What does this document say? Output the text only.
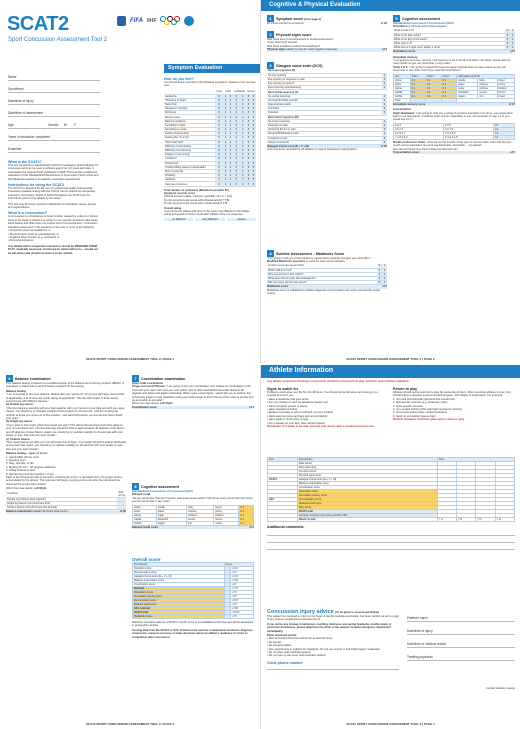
SCAT2
Sport Concussion Assessment Tool 2
FIFA IIHF
Name
Sport/team
Date/time of injury
Date/time of assessment
Age	Gender M F
Years of education completed
Examiner
What is the SCAT2?
This tool represents a standardized method of evaluating injured athletes for concussion and can be used in athletes aged from 10 years and older. It supersedes the original SCAT published in 2005. This tool also enables the calculation of the Standardized Assessment of Concussion (SAC) score and the Maddocks questions for sideline concussion assessment.
Instructions for using the SCAT2
The SCAT2 is designed for the use of medical and health professionals. Preseason baseline testing with the SCAT2 can be helpful for interpreting post-injury test scores. Words in Italics throughout the SCAT2 are the instructions given to the athlete by the tester.
This tool may be freely copied for distribution to individuals, teams, groups and organizations.
What is a concussion?
A concussion is a disturbance in brain function caused by a direct or indirect force to the head. It results in a variety of non-specific symptoms (like those listed below) and often does not involve loss of consciousness. Concussion should be suspected in the presence of any one or more of the following:
• Symptoms (such as headache), or
• Physical signs (such as unsteadiness), or
• Impaired brain function (e.g. confusion) or
• Abnormal behaviour.
Any athlete with a suspected concussion should be REMOVED FROM PLAY, medically assessed, monitored for deterioration (i.e., should not be left alone) and should not drive a motor vehicle.
Symptom Evaluation
How do you feel?
You should score yourself on the following symptoms, based on how you feel now.
	none	mild		moderate		severe	
Headache	0	1	2	3	4	5	6
"Pressure in head"	0	1	2	3	4	5	6
Neck Pain	0	1	2	3	4	5	6
Nausea or vomiting	0	1	2	3	4	5	6
Dizziness	0	1	2	3	4	5	6
Blurred vision	0	1	2	3	4	5	6
Balance problems	0	1	2	3	4	5	6
Sensitivity to light	0	1	2	3	4	5	6
Sensitivity to noise	0	1	2	3	4	5	6
Feeling slowed down	0	1	2	3	4	5	6
Feeling like "in a fog"	0	1	2	3	4	5	6
"Don't feel right"	0	1	2	3	4	5	6
Difficulty concentrating	0	1	2	3	4	5	6
Difficulty remembering	0	1	2	3	4	5	6
Fatigue or low energy	0	1	2	3	4	5	6
Confusion	0	1	2	3	4	5	6
Drowsiness	0	1	2	3	4	5	6
Trouble falling asleep (if applicable)	0	1	2	3	4	5	6
More emotional	0	1	2	3	4	5	6
Irritability	0	1	2	3	4	5	6
Sadness	0	1	2	3	4	5	6
Nervous or Anxious	0	1	2	3	4	5	6
Total number of symptoms (Maximum possible 22)
Symptom severity score
(Add all scores in table, maximum possible: 22 x 6 = 132)
Do the symptoms get worse with physical activity? Y N
Do the symptoms get worse with mental activity? Y N
Overall rating
If you know the athlete well prior to the injury, how different is the athlete acting compared to his/her usual self? Please circle one response.
no different	very different	unsure
SCAT2 SPORT CONCUSSION ASSESSMENT TOOL 2 | PAGE 1
Cognitive & Physical Evaluation
1 Symptom score (from page 1)
22 minus number of symptoms	of 22
2 Physical signs score
Was there loss of consciousness or unresponsiveness?
If yes, how long? minutes
Was there a balance problem/unsteadiness?
Physical signs score (1 point for each negative response)	of 2
3 Glasgow coma scale (GCS)
Best eye response (E)	
No eye opening	1
Eye opening in response to pain	2
Eye opening to speech	3
Eyes opening spontaneously	4
Best verbal response (V)	
No verbal response	1
Incomprehensible sounds	2
Inappropriate words	3
Confused	4
Oriented	5
Best motor response (M)	
No motor response	1
Extension to pain	2
Abnormal flexion to pain	3
Flexion/Withdrawal to pain	4
Localizes to pain	5
Obeys commands	6
Glasgow Coma score (E + V + M)	of 15
GCS should be recorded for all athletes in case of subsequent deterioration.
4 Sideline Assessment – Maddocks Score
"I am going to ask you a few questions, please listen carefully and give your best effort."
Modified Maddocks questions (1 point for each correct answer)
At what venue are we at today?	0	1
Which half is it now?	0	1
Who scored last in this match?	0	1
What team did you play last week/game?	0	1
Did your team win the last game?	0	1
Maddocks score	of 5
Maddocks score is validated for sideline diagnosis of concussion only and is not used for serial testing.
5 Cognitive assessment
Standardized Assessment of Concussion (SAC)
Orientation (1 point for each correct answer)
What month is it?	0	1
What is the date today?	0	1
What is the day of the week?	0	1
What year is it?	0	1
What time is it right now? (within 1 hour)	0	1
Orientation score	of 5
Immediate memory
"I am going to test your memory. I will read you a list of words and when I am done, repeat back as many words as you can remember, in any order."
Trials 2 & 3: "I am going to repeat the same list again. Repeat back as many words as you can remember in any order, even if you said the word before."
List	Trial 1	Trial 2	Trial 3	Alternative word list		
elbow	0 1	0 1	0 1	candle	baby	finger
apple	0 1	0 1	0 1	paper	monkey	penny
carpet	0 1	0 1	0 1	sugar	perfume	blanket
saddle	0 1	0 1	0 1	sandwich	sunset	lemon
bubble	0 1	0 1	0 1	wagon	iron	insect
Total						
Immediate memory score	of 15
Concentration
Digits Backward: "I am going to read you a string of numbers and when I am done, you repeat them back to me backwards, in reverse order of how I read them to you. For example, if I say 7-1-9, you would say 9-1-7."
4-9-3	6-2-9	0 1
3-8-1-4	3-2-7-9	0 1
6-2-9-7-1	1-5-2-8-6	0 1
7-1-8-4-6-2	5-3-9-1-4-8	0 1
Months in Reverse Order: "Now tell me the months of the year in reverse order. Start with the last month and go backward. So you'll say December, November ... Go ahead"
Dec-Nov-Oct-Sept-Aug-Jul-Jun-May-Apr-Mar-Feb-Jan
Concentration score	of 5
SCAT2 SPORT CONCUSSION ASSESSMENT TOOL 2 | PAGE 2
6 Balance examination
This balance testing is based on a modified version of the Balance Error Scoring System (BESS). A stopwatch or watch with a second hand is required for this testing.
Balance testing
"I am now going to test your balance. Please take your shoes off, roll up your pant legs above ankle (if applicable), and remove any ankle taping (if applicable). This test will consist of three twenty second tests with different stances."
(a) Double leg stance:
"The first stance is standing with your feet together with your hands on your hips and with your eyes closed. You should try to maintain stability in that position for 20 seconds. I will be counting the number of times you move out of this position. I will start timing when you are set and have closed your eyes."
(b) Single leg stance:
"If you were to kick a ball, which foot would you use? [This will be the dominant foot] Now stand on your non-dominant foot. The dominant leg should be held in approximately 30 degrees of hip flexion and 45 degrees of knee flexion. Again, you should try to maintain stability for 20 seconds with your hands on your hips and your eyes closed."
(c) Tandem stance:
"Now stand heel-to-toe with your non-dominant foot in back. Your weight should be evenly distributed across both feet. Again, you should try to maintain stability for 20 seconds with your hands on your hips and your eyes closed."
Balance testing – types of errors
1. Hands lifted off iliac crest
2. Opening eyes
3. Step, stumble, or fall
4. Moving hip into > 30 degrees abduction
5. Lifting forefoot or heel
6. Remaining out of test position > 5 sec
Each of the 20-second trials is scored by counting the errors, or deviations from the proper stance, accumulated by the athlete. The examiner will begin counting errors only after the individual has assumed the proper start position.
Which foot was tested: Left Right
Condition	Total errors
Double Leg Stance (feet together)	
Single leg stance (non-dominant foot)	
Tandem stance (non-dominant foot at back)	
Balance examination score (30 minus total errors)	of 30
7 Coordination examination
Upper limb coordination
Finger-to-nose (FTN) task: "I am going to test your coordination now. Please sit comfortably on the chair with your eyes open and your arm (either right or left) outstretched (shoulder flexed to 90 degrees and elbow and fingers extended). When I give a start signal, I would like you to perform five successive finger to nose repetitions using your index finger to touch the tip of the nose as quickly and as accurately as possible."
Which arm was tested: Left Right
Coordination score	of 1
8 Cognitive assessment
Standardized Assessment of Concussion (SAC)
Delayed recall
"Do you remember that list of words I read a few times earlier? Tell me as many words from the list as you can remember in any order."
elbow	candle	baby	finger	0 1
apple	paper	monkey	penny	0 1
carpet	sugar	perfume	blanket	0 1
saddle	sandwich	sunset	lemon	0 1
bubble	wagon	iron	insect	0 1
Delayed recall score	of 5
Overall score
Test domain	Score	
Symptom score		of 22
Physical signs score		of 2
Glasgow Coma score (E + V + M)		of 15
Balance examination score		of 30
Coordination score		of 1
Subtotal		of 70
Orientation score		of 5
Immediate memory score		of 5
Concentration score		of 15
Delayed recall score		of 5
SAC subtotal		of 30
SCAT2 total		of 100
Maddocks Score		of 5
Definitive normative data for a SCAT2 "cut-off" score is not available at this time and will be developed in prospective studies.
Scoring data from the SCAT2 or SAC should not be used as a stand-alone method to diagnose concussion, measure recovery or make decisions about an athlete's readiness to return to competition after concussion.
SCAT2 SPORT CONCUSSION ASSESSMENT TOOL 2 | PAGE 3
Athlete Information
Any athlete suspected of having a concussion should be removed from play, and then seek medical evaluation.
Signs to watch for
Problems could arise over the first 24-48 hours. You should not be left alone and must go to a hospital at once if you:
• Have a headache that gets worse
• Are very drowsy or can't be awakened (woken up)
• Can't recognize people or places
• Have repeated vomiting
• Behave unusually or seem confused; are very irritable
• Have seizures (arms and legs jerk uncontrollably)
• Have weak or numb arms or legs
• Are unsteady on your feet; have slurred speech
Remember, it is better to be safe. Consult your doctor after a suspected concussion.
Return to play
Athletes should not be returned to play the same day of injury. When returning athletes to play, they should follow a stepwise symptom-limited program, with stages of progression. For example:
1. rest until asymptomatic (physical and mental rest)
2. light aerobic exercise (e.g. stationary cycle)
3. sport-specific exercise
4. non-contact training drills (start light resistance training)
5. full contact training after medical clearance
6. return to competition (game play)
Medical clearance should be given before return to play.
Tool	Test domain	Time			
	Date tested				
	Days post injury				
	Symptom score				
	Physical signs score				
SCAT2	Glasgow Coma score (E + V + M)				
	Balance examination score				
	Coordination score				
	Orientation score				
	Immediate memory score				
SAC	Concentration score				
	Delayed recall score				
	SAC Score				
	SCAT2 total				
	Symptom severity score (max possible 132)				
	Return to play	Y N	Y N	Y N	Y N
Additional comments
Concussion injury advice (To be given to concussed athlete)
This patient has received an injury to the head. A careful medical examination has been carried out and no sign of any serious complications has been found.
If you notice any change in behaviour, vomiting, dizziness, worsening headache, double vision or excessive drowsiness, please telephone the clinic or the nearest hospital emergency department immediately.
Other important points:
• Rest and avoid strenuous activity for at least 24 hours
• No alcohol
• No sleeping tablets
• Use paracetamol or codeine for headache. Do not use aspirin or anti-inflammatory medication
• Do not drive until medically cleared
• Do not train or play sport until medically cleared
Clinic phone number
Patient's name
Date/time of injury
Date/time of medical review
Treating physician
Contact details or stamp
SCAT2 SPORT CONCUSSION ASSESSMENT TOOL 2 | PAGE 4
